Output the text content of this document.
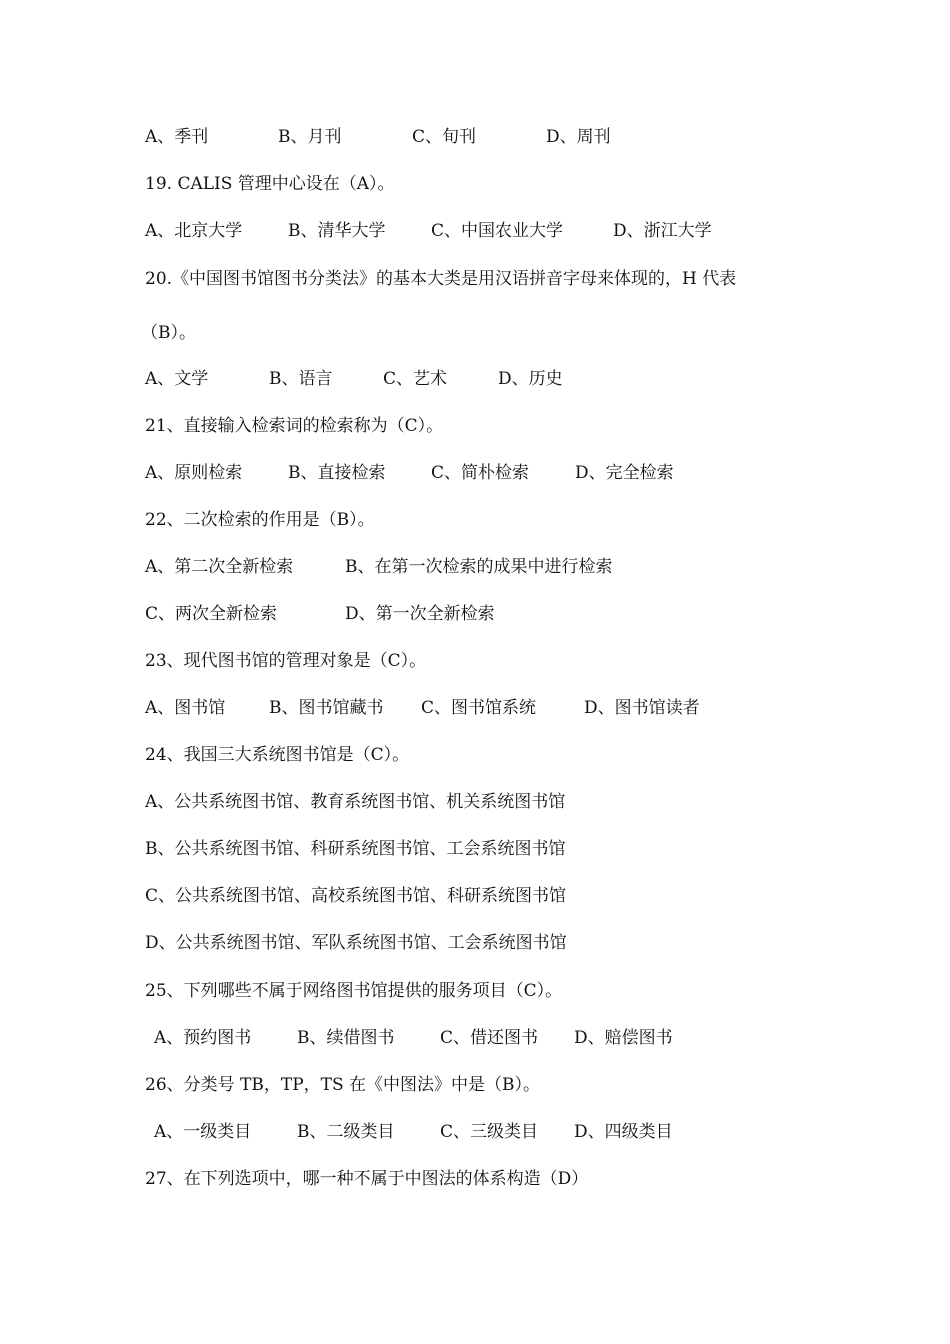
A、季刊	B、月刊	C、旬刊	D、周刊
19. CALIS 管理中心设在（A）。
A、北京大学	B、清华大学	C、中国农业大学	D、浙江大学
20.《中国图书馆图书分类法》的基本大类是用汉语拼音字母来体现的，H 代表
（B）。
A、文学	B、语言	C、艺术	D、历史
21、直接输入检索词的检索称为（C）。
A、原则检索	B、直接检索	C、简朴检索	D、完全检索
22、二次检索的作用是（B）。
A、第二次全新检索	B、在第一次检索的成果中进行检索
C、两次全新检索	D、第一次全新检索
23、现代图书馆的管理对象是（C）。
A、图书馆	B、图书馆藏书 C、图书馆系统	D、图书馆读者
24、我国三大系统图书馆是（C）。
A、公共系统图书馆、教育系统图书馆、机关系统图书馆
B、公共系统图书馆、科研系统图书馆、工会系统图书馆
C、公共系统图书馆、高校系统图书馆、科研系统图书馆
D、公共系统图书馆、军队系统图书馆、工会系统图书馆
25、下列哪些不属于网络图书馆提供的服务项目（C）。
A、预约图书	B、续借图书	C、借还图书 D、赔偿图书
26、分类号 TB，TP，TS 在《中图法》中是（B）。
A、一级类目	B、二级类目	C、三级类目 D、四级类目
27、在下列选项中，哪一种不属于中图法的体系构造（D）
